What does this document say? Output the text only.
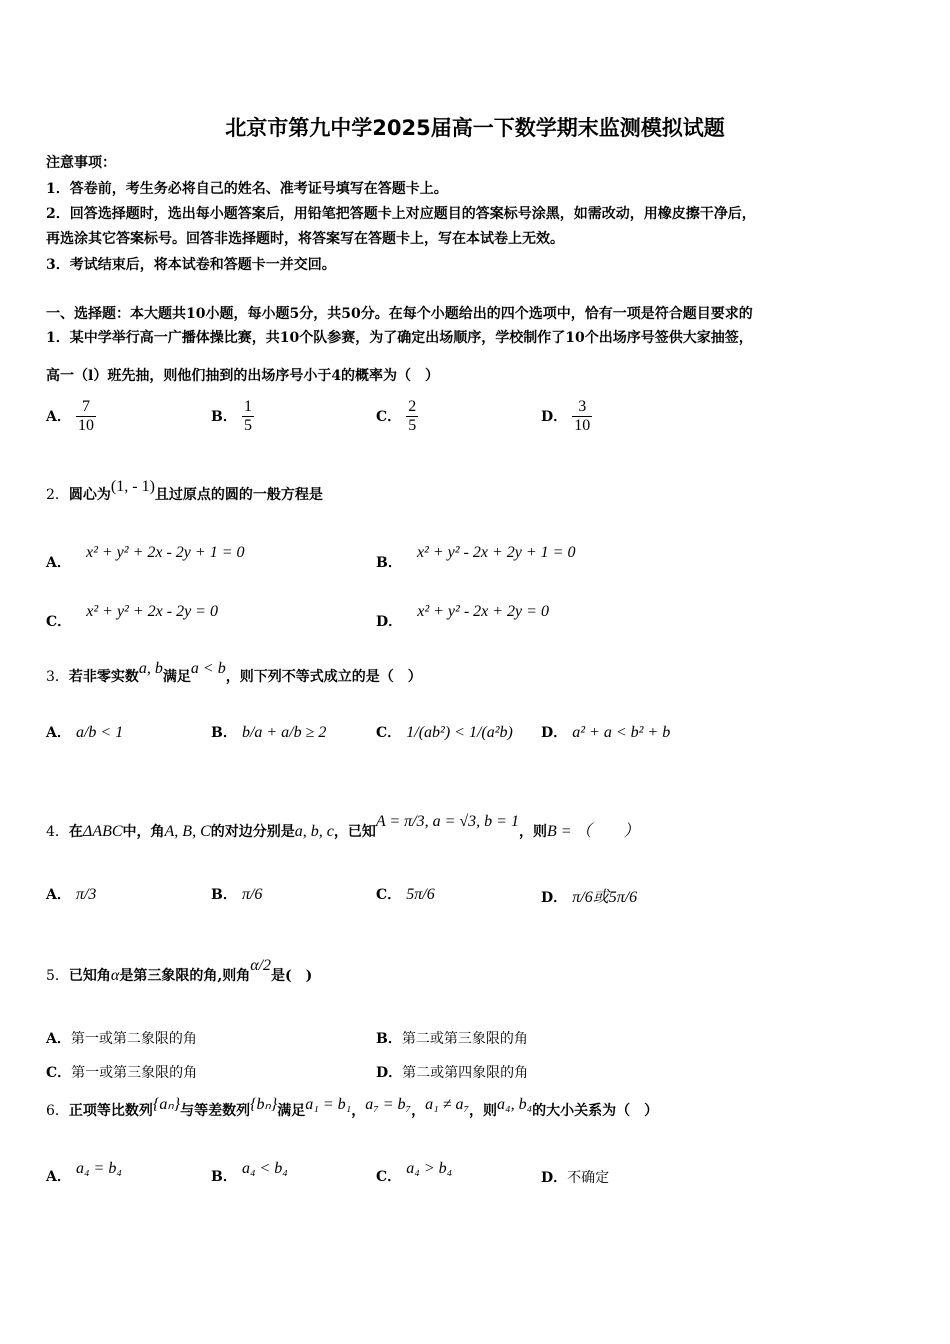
北京市第九中学2025届高一下数学期末监测模拟试题
注意事项：
1．答卷前，考生务必将自己的姓名、准考证号填写在答题卡上。
2．回答选择题时，选出每小题答案后，用铅笔把答题卡上对应题目的答案标号涂黑，如需改动，用橡皮擦干净后，
再选涂其它答案标号。回答非选择题时，将答案写在答题卡上，写在本试卷上无效。
3．考试结束后，将本试卷和答题卡一并交回。
一、选择题：本大题共10小题，每小题5分，共50分。在每个小题给出的四个选项中，恰有一项是符合题目要求的
1．某中学举行高一广播体操比赛，共10个队参赛，为了确定出场顺序，学校制作了10个出场序号签供大家抽签，
高一（l）班先抽，则他们抽到的出场序号小于4的概率为（　）
A． $\frac{7}{10}$	B． $\frac{1}{5}$	C． $\frac{2}{5}$	D． $\frac{3}{10}$
2．圆心为(1, - 1)且过原点的圆的一般方程是
A． x² + y² + 2x - 2y + 1 = 0
B． x² + y² - 2x + 2y + 1 = 0
C． x² + y² + 2x - 2y = 0
D． x² + y² - 2x + 2y = 0
3．若非零实数a, b满足a < b，则下列不等式成立的是（　）
A． a/b < 1	B． b/a + a/b ≥ 2	C． 1/(ab²) < 1/(a²b) D． a² + a < b² + b
4．在ΔABC中，角A, B, C的对边分别是a, b, c，已知A = π/3, a = √3, b = 1，则B = （　　）
A． π/3	B． π/6	C． 5π/6	D． π/6或5π/6
5．已知角α是第三象限的角,则角α/2是(　)
A．第一或第二象限的角	B．第二或第三象限的角
C．第一或第三象限的角	D．第二或第四象限的角
6．正项等比数列{aₙ}与等差数列{bₙ}满足a₁ = b₁，a₇ = b₇，a₁ ≠ a₇，则a₄, b₄的大小关系为（　）
A． a₄ = b₄	B． a₄ < b₄	C． a₄ > b₄
D．不确定
